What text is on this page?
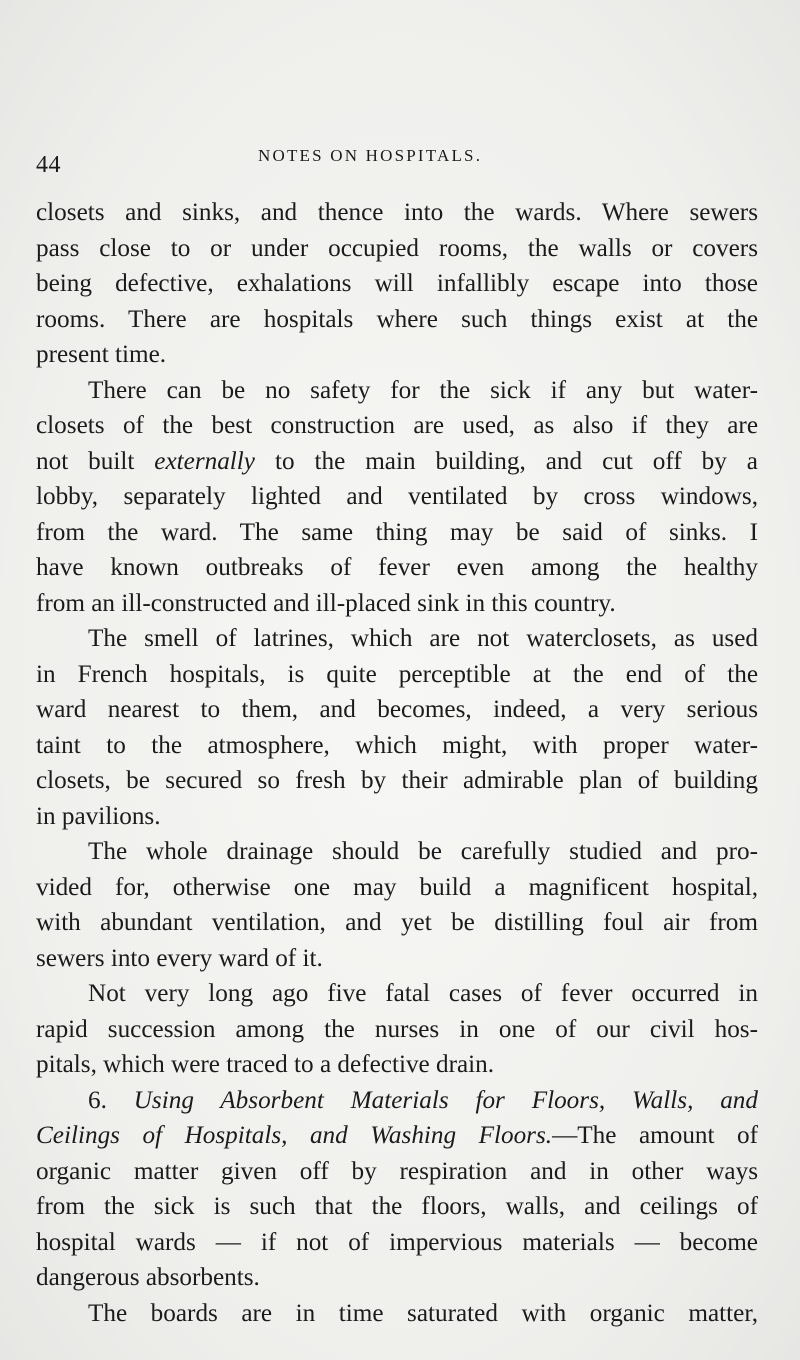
44	NOTES ON HOSPITALS.
closets and sinks, and thence into the wards. Where sewers
pass close to or under occupied rooms, the walls or covers
being defective, exhalations will infallibly escape into those
rooms. There are hospitals where such things exist at the
present time.
There can be no safety for the sick if any but water-
closets of the best construction are used, as also if they are
not built externally to the main building, and cut off by a
lobby, separately lighted and ventilated by cross windows,
from the ward. The same thing may be said of sinks. I
have known outbreaks of fever even among the healthy
from an ill-constructed and ill-placed sink in this country.
The smell of latrines, which are not waterclosets, as used
in French hospitals, is quite perceptible at the end of the
ward nearest to them, and becomes, indeed, a very serious
taint to the atmosphere, which might, with proper water-
closets, be secured so fresh by their admirable plan of building
in pavilions.
The whole drainage should be carefully studied and pro-
vided for, otherwise one may build a magnificent hospital,
with abundant ventilation, and yet be distilling foul air from
sewers into every ward of it.
Not very long ago five fatal cases of fever occurred in
rapid succession among the nurses in one of our civil hos-
pitals, which were traced to a defective drain.
6. Using Absorbent Materials for Floors, Walls, and
Ceilings of Hospitals, and Washing Floors.—The amount of
organic matter given off by respiration and in other ways
from the sick is such that the floors, walls, and ceilings of
hospital wards — if not of impervious materials — become
dangerous absorbents.
The boards are in time saturated with organic matter,
